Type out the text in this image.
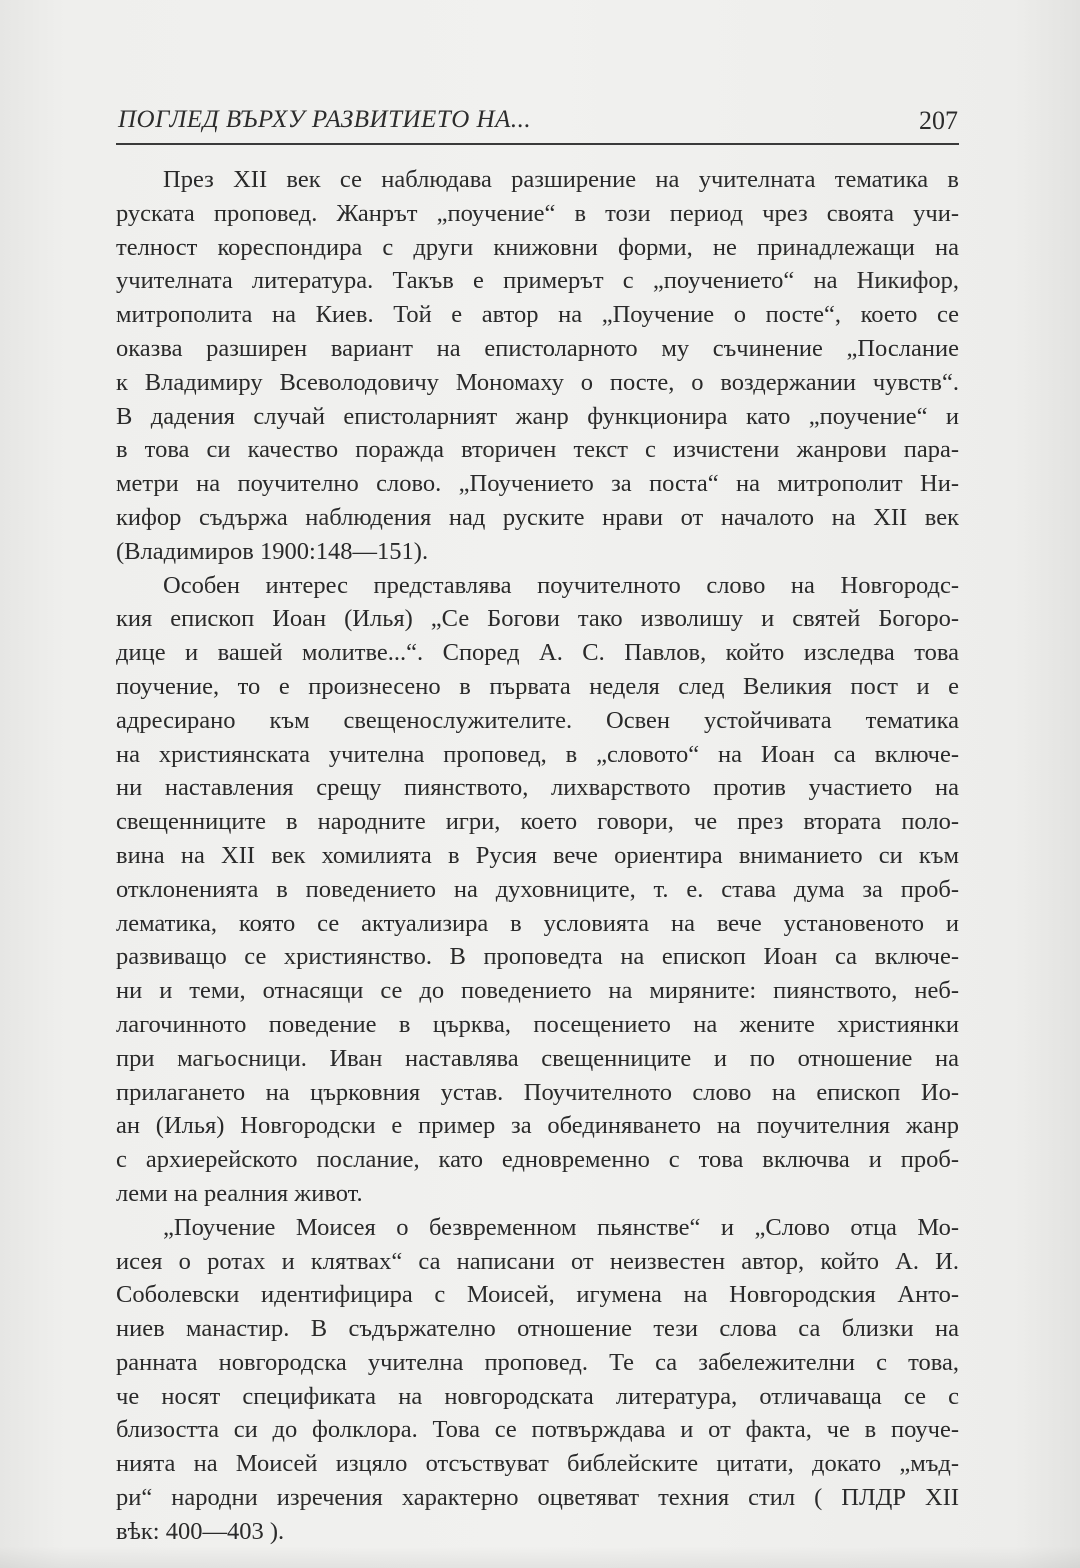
ПОГЛЕД ВЪРХУ РАЗВИТИЕТО НА...	207
През XII век се наблюдава разширение на учителната тематика в
руската проповед. Жанрът „поучение“ в този период чрез своята учи-
телност кореспондира с други книжовни форми, не принадлежащи на
учителната литература. Такъв е примерът с „поучението“ на Никифор,
митрополита на Киев. Той е автор на „Поучение о посте“, което се
оказва разширен вариант на епистоларното му съчинение „Послание
к Владимиру Всеволодовичу Мономаху о посте, о воздержании чувств“.
В дадения случай епистоларният жанр функционира като „поучение“ и
в това си качество поражда вторичен текст с изчистени жанрови пара-
метри на поучително слово. „Поучението за поста“ на митрополит Ни-
кифор съдържа наблюдения над руските нрави от началото на XII век
(Владимиров 1900:148—151).
Особен интерес представлява поучителното слово на Новгородс-
кия епископ Иоан (Илья) „Се Богови тако изволишу и святей Богоро-
дице и вашей молитве...“. Според А. С. Павлов, който изследва това
поучение, то е произнесено в първата неделя след Великия пост и е
адресирано към свещенослужителите. Освен устойчивата тематика
на християнската учителна проповед, в „словото“ на Иоан са включе-
ни наставления срещу пиянството, лихварството против участието на
свещенниците в народните игри, което говори, че през втората поло-
вина на XII век хомилията в Русия вече ориентира вниманието си към
отклоненията в поведението на духовниците, т. е. става дума за проб-
лематика, която се актуализира в условията на вече установеното и
развиващо се християнство. В проповедта на епископ Иоан са включе-
ни и теми, отнасящи се до поведението на миряните: пиянството, неб-
лагочинното поведение в църква, посещението на жените християнки
при магьосници. Иван наставлява свещенниците и по отношение на
прилагането на църковния устав. Поучителното слово на епископ Ио-
ан (Илья) Новгородски е пример за обединяването на поучителния жанр
с архиерейското послание, като едновременно с това включва и проб-
леми на реалния живот.
„Поучение Моисея о безвременном пьянстве“ и „Слово отца Мо-
исея о ротах и клятвах“ са написани от неизвестен автор, който А. И.
Соболевски идентифицира с Моисей, игумена на Новгородския Анто-
ниев манастир. В съдържателно отношение тези слова са близки на
ранната новгородска учителна проповед. Те са забележителни с това,
че носят спецификата на новгородската литература, отличаваща се с
близостта си до фолклора. Това се потвърждава и от факта, че в поуче-
нията на Моисей изцяло отсъствуват библейските цитати, докато „мъд-
ри“ народни изречения характерно оцветяват техния стил ( ПЛДР XII
вѣк: 400—403 ).
